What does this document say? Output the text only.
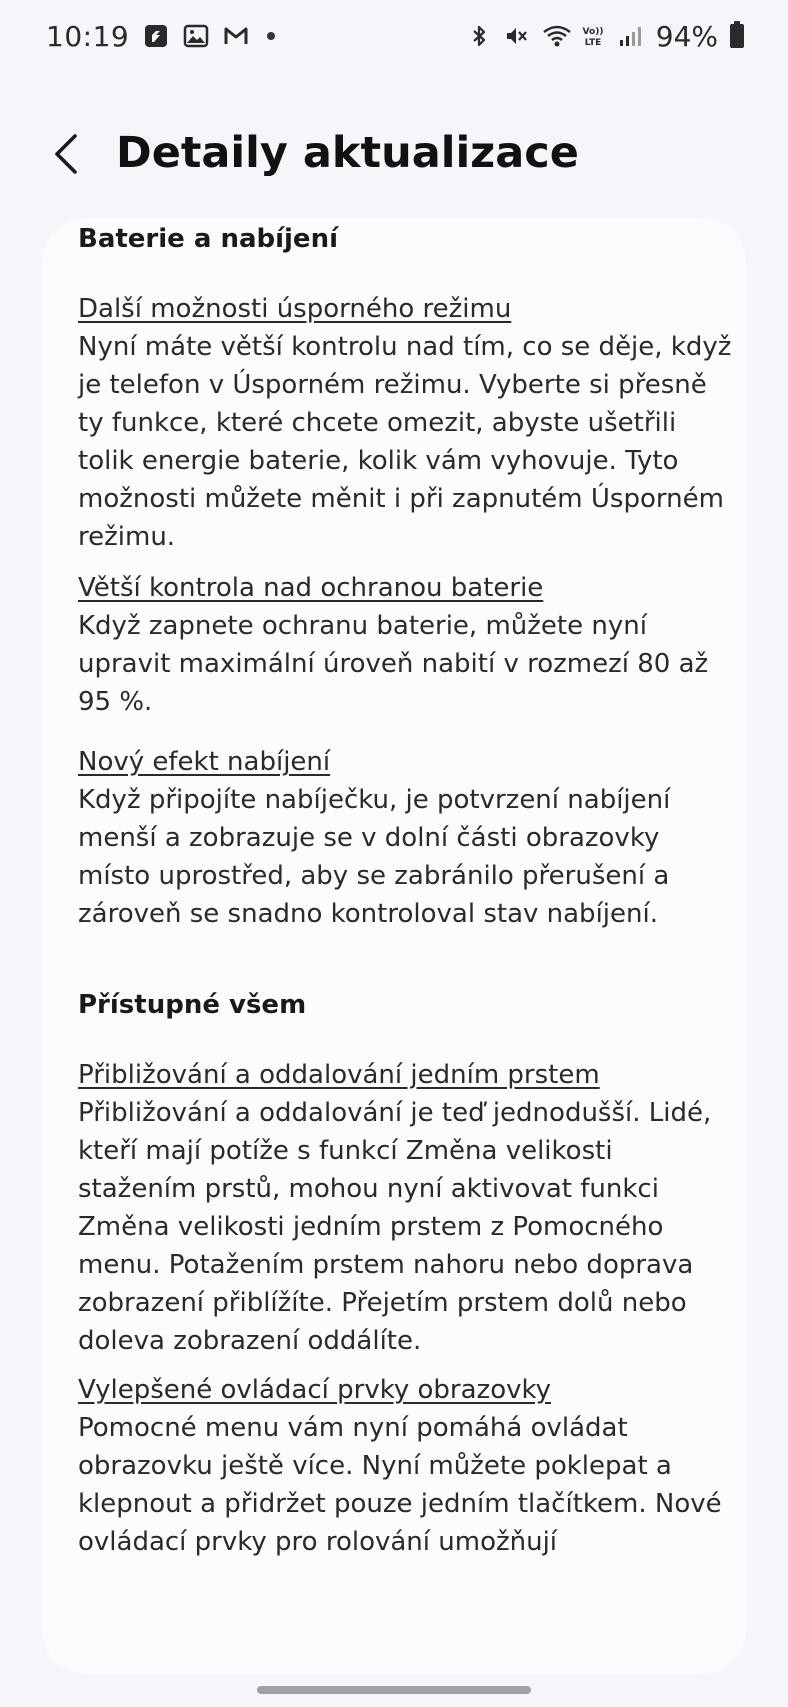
10:19	Vo))
LTE 94%
Detaily aktualizace

Baterie a nabíjení

Další možnosti úsporného režimu

Nyní máte větší kontrolu nad tím, co se děje, když je telefon v Úsporném režimu. Vyberte si přesně ty funkce, které chcete omezit, abyste ušetřili tolik energie baterie, kolik vám vyhovuje. Tyto možnosti můžete měnit i při zapnutém Úsporném režimu.

Větší kontrola nad ochranou baterie

Když zapnete ochranu baterie, můžete nyní upravit maximální úroveň nabití v rozmezí 80 až 95 %.

Nový efekt nabíjení

Když připojíte nabíječku, je potvrzení nabíjení menší a zobrazuje se v dolní části obrazovky místo uprostřed, aby se zabránilo přerušení a zároveň se snadno kontroloval stav nabíjení.

Přístupné všem

Přibližování a oddalování jedním prstem

Přibližování a oddalování je teď jednodušší. Lidé, kteří mají potíže s funkcí Změna velikosti stažením prstů, mohou nyní aktivovat funkci Změna velikosti jedním prstem z Pomocného menu. Potažením prstem nahoru nebo doprava zobrazení přiblížíte. Přejetím prstem dolů nebo doleva zobrazení oddálíte.

Vylepšené ovládací prvky obrazovky

Pomocné menu vám nyní pomáhá ovládat obrazovku ještě více. Nyní můžete poklepat a klepnout a přidržet pouze jedním tlačítkem. Nové ovládací prvky pro rolování umožňují
